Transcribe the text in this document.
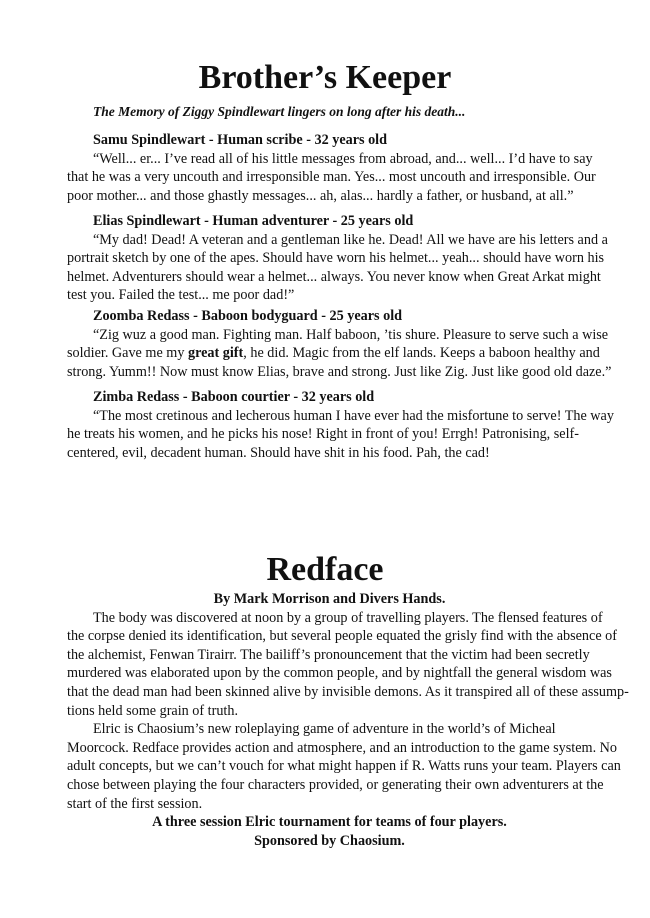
Brother’s Keeper
The Memory of Ziggy Spindlewart lingers on long after his death...
Samu Spindlewart - Human scribe - 32 years old
“Well... er... I’ve read all of his little messages from abroad, and... well... I’d have to say
that he was a very uncouth and irresponsible man. Yes... most uncouth and irresponsible. Our
poor mother... and those ghastly messages... ah, alas... hardly a father, or husband, at all.”
Elias Spindlewart - Human adventurer - 25 years old
“My dad! Dead! A veteran and a gentleman like he. Dead! All we have are his letters and a
portrait sketch by one of the apes. Should have worn his helmet... yeah... should have worn his
helmet. Adventurers should wear a helmet... always. You never know when Great Arkat might
test you. Failed the test... me poor dad!”
Zoomba Redass - Baboon bodyguard - 25 years old
“Zig wuz a good man. Fighting man. Half baboon, ’tis shure. Pleasure to serve such a wise
soldier. Gave me my great gift, he did. Magic from the elf lands. Keeps a baboon healthy and
strong. Yumm!! Now must know Elias, brave and strong. Just like Zig. Just like good old daze.”
Zimba Redass - Baboon courtier - 32 years old
“The most cretinous and lecherous human I have ever had the misfortune to serve! The way
he treats his women, and he picks his nose! Right in front of you! Errgh! Patronising, self-
centered, evil, decadent human. Should have shit in his food. Pah, the cad!
Redface
By Mark Morrison and Divers Hands.
The body was discovered at noon by a group of travelling players. The flensed features of
the corpse denied its identification, but several people equated the grisly find with the absence of
the alchemist, Fenwan Tirairr. The bailiff’s pronouncement that the victim had been secretly
murdered was elaborated upon by the common people, and by nightfall the general wisdom was
that the dead man had been skinned alive by invisible demons. As it transpired all of these assump-
tions held some grain of truth.
Elric is Chaosium’s new roleplaying game of adventure in the world’s of Micheal
Moorcock. Redface provides action and atmosphere, and an introduction to the game system. No
adult concepts, but we can’t vouch for what might happen if R. Watts runs your team. Players can
chose between playing the four characters provided, or generating their own adventurers at the
start of the first session.
A three session Elric tournament for teams of four players.
Sponsored by Chaosium.
